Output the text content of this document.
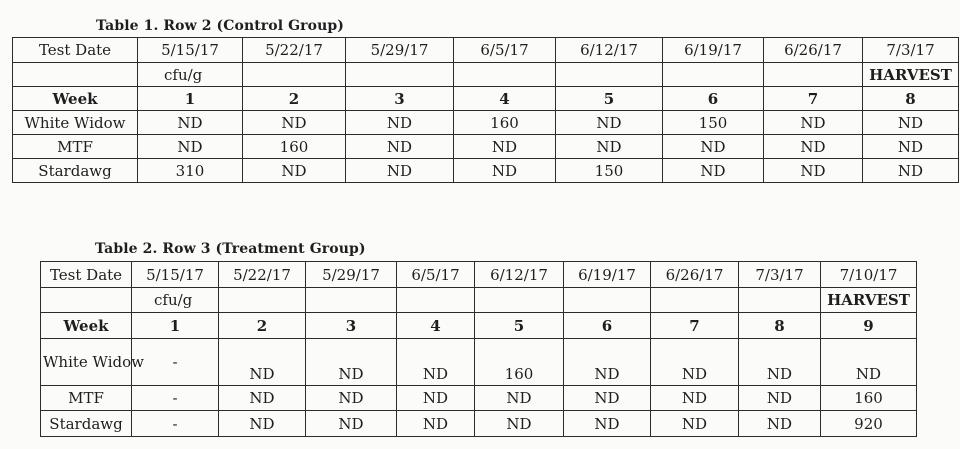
Table 1. Row 2 (Control Group)
Test Date	5/15/17	5/22/17	5/29/17	6/5/17	6/12/17	6/19/17	6/26/17	7/3/17
	cfu/g							HARVEST
Week	1	2	3	4	5	6	7	8
White Widow	ND	ND	ND	160	ND	150	ND	ND
MTF	ND	160	ND	ND	ND	ND	ND	ND
Stardawg	310	ND	ND	ND	150	ND	ND	ND
Table 2. Row 3 (Treatment Group)
Test Date	5/15/17	5/22/17	5/29/17	6/5/17	6/12/17	6/19/17	6/26/17	7/3/17	7/10/17
	cfu/g								HARVEST
Week	1	2	3	4	5	6	7	8	9
White Widow	-	ND	ND	ND	160	ND	ND	ND	ND
MTF	-	ND	ND	ND	ND	ND	ND	ND	160
Stardawg	-	ND	ND	ND	ND	ND	ND	ND	920
